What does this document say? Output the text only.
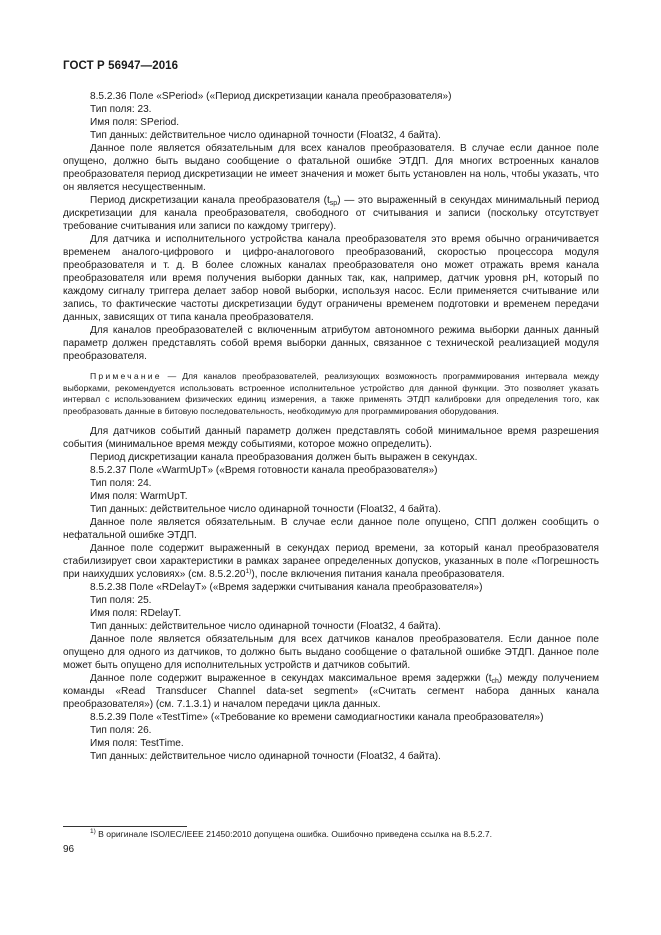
ГОСТ Р 56947—2016

8.5.2.36 Поле «SPeriod» («Период дискретизации канала преобразователя»)

Тип поля: 23.

Имя поля: SPeriod.

Тип данных: действительное число одинарной точности (Float32, 4 байта).

Данное поле является обязательным для всех каналов преобразователя. В случае если данное поле опущено, должно быть выдано сообщение о фатальной ошибке ЭТДП. Для многих встроенных каналов преобразователя период дискретизации не имеет значения и может быть установлен на ноль, чтобы указать, что он является несущественным.

Период дискретизации канала преобразователя $(t_{sp})$ — это выраженный в секундах минимальный период дискретизации для канала преобразователя, свободного от считывания и записи (поскольку отсутствует требование считывания или записи по каждому триггеру).

Для датчика и исполнительного устройства канала преобразователя это время обычно ограничивается временем аналого-цифрового и цифро-аналогового преобразований, скоростью процессора модуля преобразователя и т. д. В более сложных каналах преобразователя оно может отражать время канала преобразователя или время получения выборки данных так, как, например, датчик уровня pH, который по каждому сигналу триггера делает забор новой выборки, используя насос. Если применяется считывание или запись, то фактические частоты дискретизации будут ограничены временем подготовки и временем передачи данных, зависящих от типа канала преобразователя.

Для каналов преобразователей с включенным атрибутом автономного режима выборки данных данный параметр должен представлять собой время выборки данных, связанное с технической реализацией модуля преобразователя.

Примечание — Для каналов преобразователей, реализующих возможность программирования интервала между выборками, рекомендуется использовать встроенное исполнительное устройство для данной функции. Это позволяет указать интервал с использованием физических единиц измерения, а также применять ЭТДП калибровки для определения того, как преобразовать данные в битовую последовательность, необходимую для программирования оборудования.

Для датчиков событий данный параметр должен представлять собой минимальное время разрешения события (минимальное время между событиями, которое можно определить).

Период дискретизации канала преобразования должен быть выражен в секундах.

8.5.2.37 Поле «WarmUpT» («Время готовности канала преобразователя»)

Тип поля: 24.

Имя поля: WarmUpT.

Тип данных: действительное число одинарной точности (Float32, 4 байта).

Данное поле является обязательным. В случае если данное поле опущено, СПП должен сообщить о нефатальной ошибке ЭТДП.

Данное поле содержит выраженный в секундах период времени, за который канал преобразователя стабилизирует свои характеристики в рамках заранее определенных допусков, указанных в поле «Погрешность при наихудших условиях» (см. 8.5.2.20$^{1)}$), после включения питания канала преобразователя.

8.5.2.38 Поле «RDelayT» («Время задержки считывания канала преобразователя»)

Тип поля: 25.

Имя поля: RDelayT.

Тип данных: действительное число одинарной точности (Float32, 4 байта).

Данное поле является обязательным для всех датчиков каналов преобразователя. Если данное поле опущено для одного из датчиков, то должно быть выдано сообщение о фатальной ошибке ЭТДП. Данное поле может быть опущено для исполнительных устройств и датчиков событий.

Данное поле содержит выраженное в секундах максимальное время задержки $(t_{ch})$ между получением команды «Read Transducer Channel data-set segment» («Считать сегмент набора данных канала преобразователя») (см. 7.1.3.1) и началом передачи цикла данных.

8.5.2.39 Поле «TestTime» («Требование ко времени самодиагностики канала преобразователя»)

Тип поля: 26.

Имя поля: TestTime.

Тип данных: действительное число одинарной точности (Float32, 4 байта).

$^{1)}$ В оригинале ISO/IEC/IEEE 21450:2010 допущена ошибка. Ошибочно приведена ссылка на 8.5.2.7.
96
